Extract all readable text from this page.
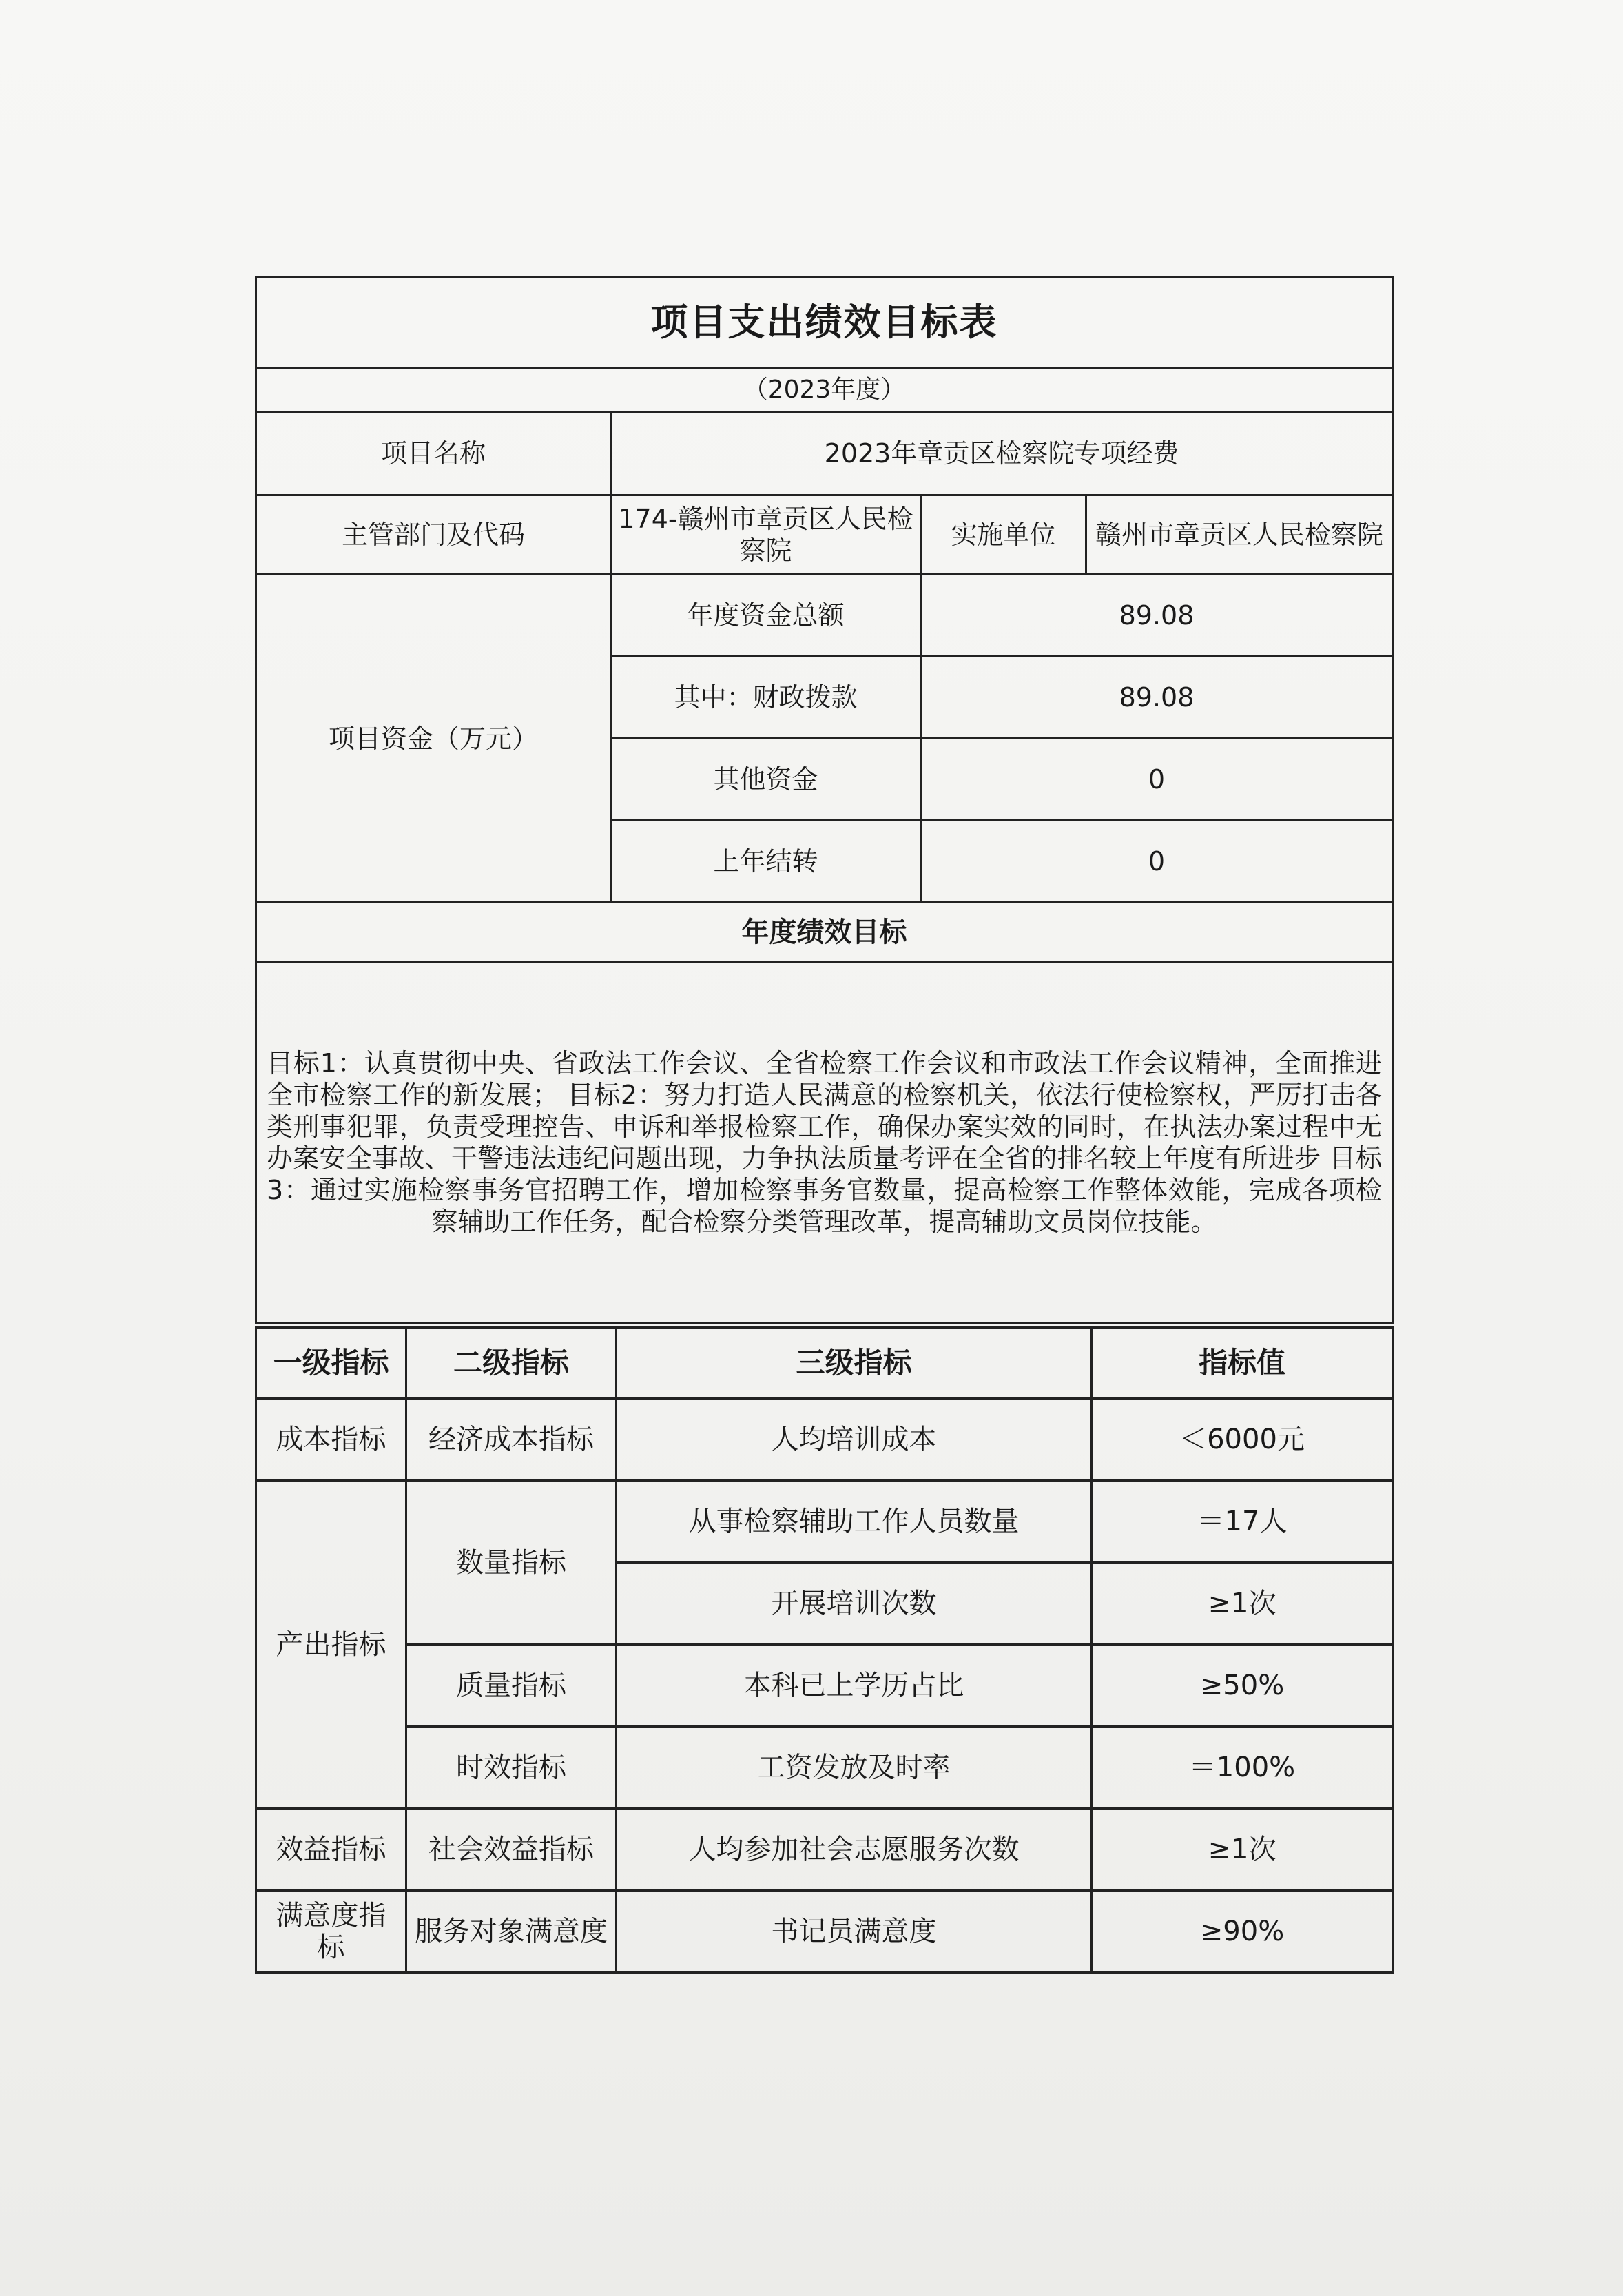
项目支出绩效目标表			
（2023年度）			
项目名称	2023年章贡区检察院专项经费		
主管部门及代码	174-赣州市章贡区人民检察院	实施单位	赣州市章贡区人民检察院
项目资金（万元）	年度资金总额	89.08	
	其中：财政拨款	89.08	
	其他资金	0	
	上年结转	0	
年度绩效目标			
目标1：认真贯彻中央、省政法工作会议、全省检察工作会议和市政法工作会议精神，全面推进全市检察工作的新发展； 目标2：努力打造人民满意的检察机关，依法行使检察权，严厉打击各类刑事犯罪，负责受理控告、申诉和举报检察工作，确保办案实效的同时，在执法办案过程中无办案安全事故、干警违法违纪问题出现，力争执法质量考评在全省的排名较上年度有所进步 目标3：通过实施检察事务官招聘工作，增加检察事务官数量，提高检察工作整体效能，完成各项检察辅助工作任务，配合检察分类管理改革，提高辅助文员岗位技能。			
一级指标	二级指标	三级指标	指标值
成本指标	经济成本指标	人均培训成本	＜6000元
产出指标	数量指标	从事检察辅助工作人员数量	＝17人
		开展培训次数	≥1次
	质量指标	本科已上学历占比	≥50%
	时效指标	工资发放及时率	＝100%
效益指标	社会效益指标	人均参加社会志愿服务次数	≥1次
满意度指标	服务对象满意度	书记员满意度	≥90%
